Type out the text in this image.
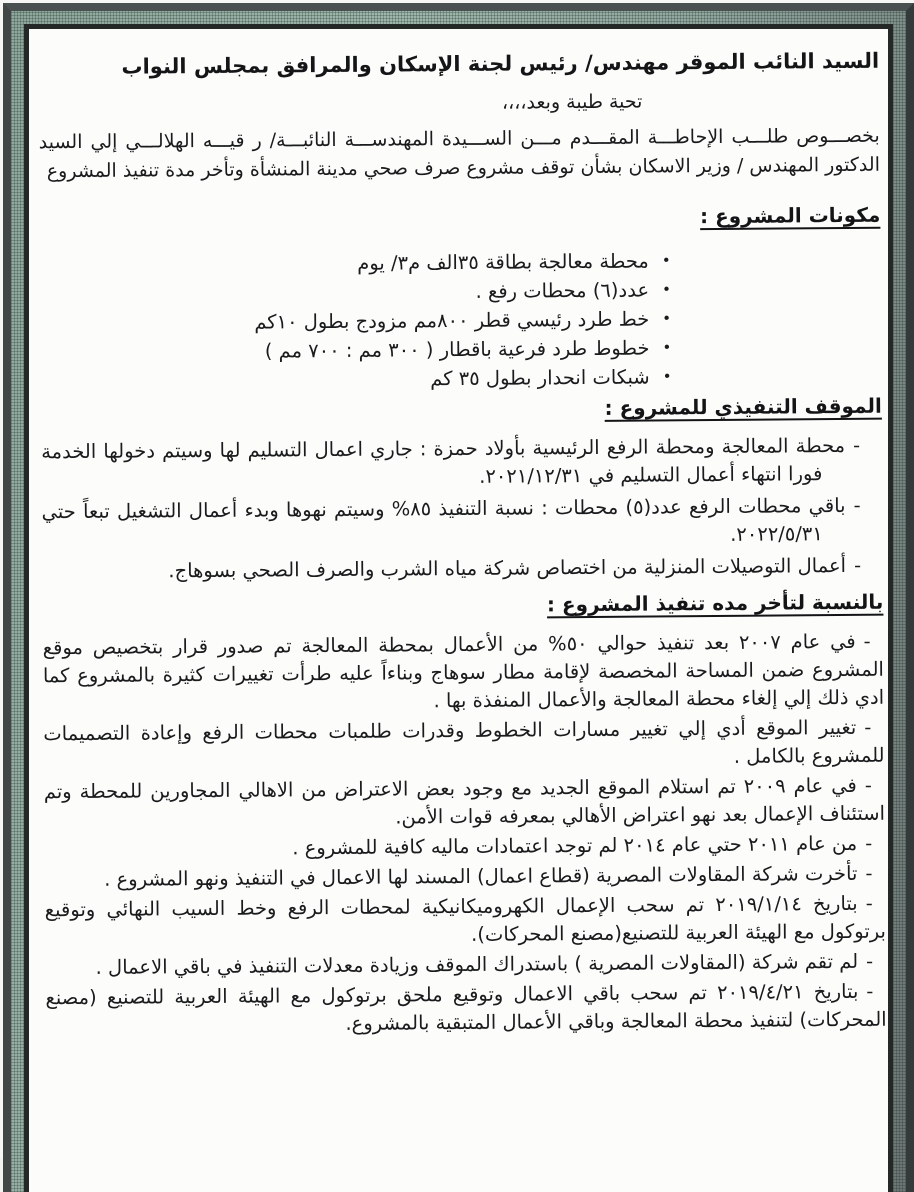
السيد النائب الموقر مهندس/ رئيس لجنة الإسكان والمرافق بمجلس النواب

تحية طيبة وبعد،،،،

بخصـــوص طلـــب الإحاطـــة المقـــدم مـــن الســـيدة المهندســـة النائبـــة/ ر قيـــه الهلالـــي إلي السيد الدكتور المهندس / وزير الاسكان بشأن توقف مشروع صرف صحي مدينة المنشأة وتأخر مدة تنفيذ المشروع

مكونات المشروع :
•محطة معالجة بطاقة ٣٥الف م٣/ يوم
•عدد(٦) محطات رفع .
•خط طرد رئيسي قطر ٨٠٠مم مزودج بطول ١٠كم
•خطوط طرد فرعية باقطار ( ٣٠٠ مم : ٧٠٠ مم )
•شبكات انحدار بطول ٣٥ كم
الموقف التنفيذي للمشروع :
-محطة المعالجة ومحطة الرفع الرئيسية بأولاد حمزة : جاري اعمال التسليم لها وسيتم دخولها الخدمة فورا انتهاء أعمال التسليم في ٢٠٢١/١٢/٣١.
-باقي محطات الرفع عدد(٥) محطات : نسبة التنفيذ ٨٥% وسيتم نهوها وبدء أعمال التشغيل تبعاً حتي ٢٠٢٢/٥/٣١.
-أعمال التوصيلات المنزلية من اختصاص شركة مياه الشرب والصرف الصحي بسوهاج.
بالنسبة لتأخر مده تنفيذ المشروع :
-في عام ٢٠٠٧ بعد تنفيذ حوالي ٥٠% من الأعمال بمحطة المعالجة تم صدور قرار بتخصيص موقع المشروع ضمن المساحة المخصصة لإقامة مطار سوهاج وبناءاً عليه طرأت تغييرات كثيرة بالمشروع كما ادي ذلك إلي إلغاء محطة المعالجة والأعمال المنفذة بها .
-تغيير الموقع أدي إلي تغيير مسارات الخطوط وقدرات طلمبات محطات الرفع وإعادة التصميمات للمشروع بالكامل .
-في عام ٢٠٠٩ تم استلام الموقع الجديد مع وجود بعض الاعتراض من الاهالي المجاورين للمحطة وتم استئناف الإعمال بعد نهو اعتراض الأهالي بمعرفه قوات الأمن.
-من عام ٢٠١١ حتي عام ٢٠١٤ لم توجد اعتمادات ماليه كافية للمشروع .
-تأخرت شركة المقاولات المصرية (قطاع اعمال) المسند لها الاعمال في التنفيذ ونهو المشروع .
-بتاريخ ٢٠١٩/١/١٤ تم سحب الإعمال الكهروميكانيكية لمحطات الرفع وخط السيب النهائي وتوقيع برتوكول مع الهيئة العربية للتصنيع(مصنع المحركات).
-لم تقم شركة (المقاولات المصرية ) باستدراك الموقف وزيادة معدلات التنفيذ في باقي الاعمال .
-بتاريخ ٢٠١٩/٤/٢١ تم سحب باقي الاعمال وتوقيع ملحق برتوكول مع الهيئة العربية للتصنيع (مصنع المحركات) لتنفيذ محطة المعالجة وباقي الأعمال المتبقية بالمشروع.
